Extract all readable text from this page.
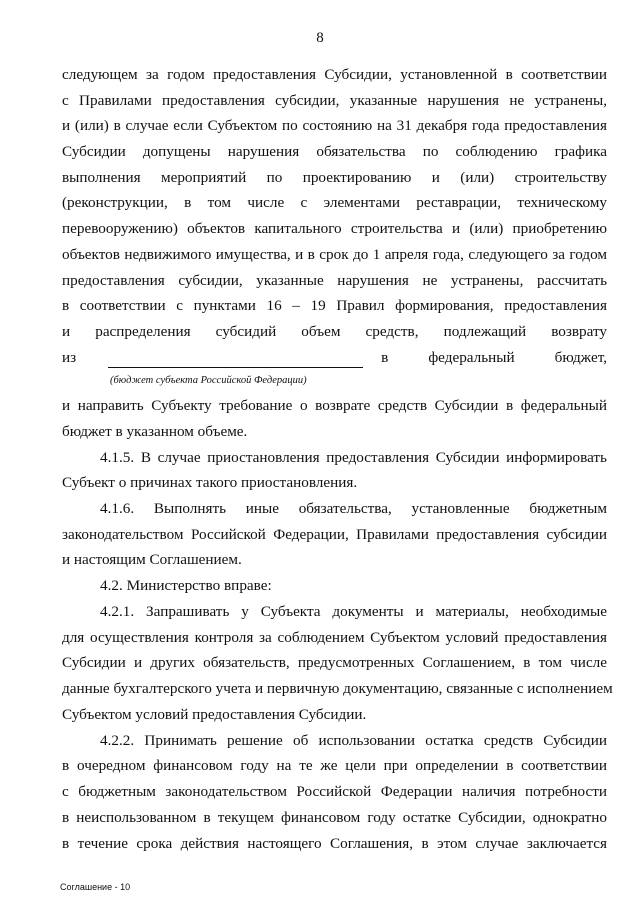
8
следующем за годом предоставления Субсидии, установленной в соответствии
с Правилами предоставления субсидии, указанные нарушения не устранены,
и (или) в случае если Субъектом по состоянию на 31 декабря года предоставления
Субсидии допущены нарушения обязательства по соблюдению графика
выполнения мероприятий по проектированию и (или) строительству
(реконструкции, в том числе с элементами реставрации, техническому
перевооружению) объектов капитального строительства и (или) приобретению
объектов недвижимого имущества, и в срок до 1 апреля года, следующего за годом
предоставления субсидии, указанные нарушения не устранены, рассчитать
в соответствии с пунктами 16 – 19 Правил формирования, предоставления
и распределения субсидий объем средств, подлежащий возврату
из	в	федеральный	бюджет,
(бюджет субъекта Российской Федерации)
и направить Субъекту требование о возврате средств Субсидии в федеральный
бюджет в указанном объеме.
4.1.5. В случае приостановления предоставления Субсидии информировать
Субъект о причинах такого приостановления.
4.1.6. Выполнять иные обязательства, установленные бюджетным
законодательством Российской Федерации, Правилами предоставления субсидии
и настоящим Соглашением.
4.2. Министерство вправе:
4.2.1. Запрашивать у Субъекта документы и материалы, необходимые
для осуществления контроля за соблюдением Субъектом условий предоставления
Субсидии и других обязательств, предусмотренных Соглашением, в том числе
данные бухгалтерского учета и первичную документацию, связанные с исполнением
Субъектом условий предоставления Субсидии.
4.2.2. Принимать решение об использовании остатка средств Субсидии
в очередном финансовом году на те же цели при определении в соответствии
с бюджетным законодательством Российской Федерации наличия потребности
в неиспользованном в текущем финансовом году остатке Субсидии, однократно
в течение срока действия настоящего Соглашения, в этом случае заключается
Соглашение - 10
